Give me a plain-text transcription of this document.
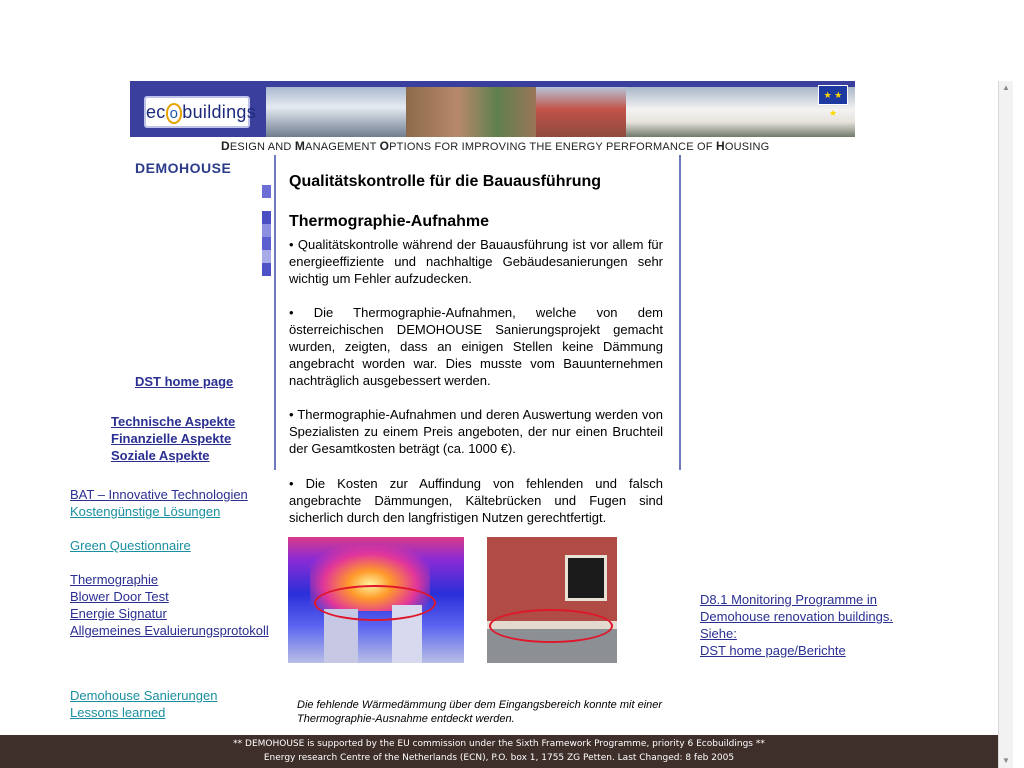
ec o buildings
★ ★ ★
DESIGN AND MANAGEMENT OPTIONS FOR IMPROVING THE ENERGY PERFORMANCE OF HOUSING
DEMOHOUSE
DST home page
Technische Aspekte
Finanzielle Aspekte
Soziale Aspekte
BAT – Innovative Technologien
Kostengünstige Lösungen
Green Questionnaire
Thermographie
Blower Door Test
Energie Signatur
Allgemeines Evaluierungsprotokoll
Demohouse Sanierungen
Lessons learned
Qualitätskontrolle für die Bauausführung
Thermographie-Aufnahme
• Qualitätskontrolle während der Bauausführung ist vor allem für energieeffiziente und nachhaltige Gebäudesanierungen sehr wichtig um Fehler aufzudecken.
• Die Thermographie-Aufnahmen, welche von dem österreichischen DEMOHOUSE Sanierungsprojekt gemacht wurden, zeigten, dass an einigen Stellen keine Dämmung angebracht worden war. Dies musste vom Bauunternehmen nachträglich ausgebessert werden.
• Thermographie-Aufnahmen und deren Auswertung werden von Spezialisten zu einem Preis angeboten, der nur einen Bruchteil der Gesamtkosten beträgt (ca. 1000 €).
• Die Kosten zur Auffindung von fehlenden und falsch angebrachte Dämmungen, Kältebrücken und Fugen sind sicherlich durch den langfristigen Nutzen gerechtfertigt.
Die fehlende Wärmedämmung über dem Eingangsbereich konnte mit einer Thermographie-Ausnahme entdeckt werden.
D8.1 Monitoring Programme in
Demohouse renovation buildings.
Siehe:
DST home page/Berichte
** DEMOHOUSE is supported by the EU commission under the Sixth Framework Programme, priority 6 Ecobuildings **
Energy research Centre of the Netherlands (ECN), P.O. box 1, 1755 ZG Petten. Last Changed: 8 feb 2005
▲
▼
